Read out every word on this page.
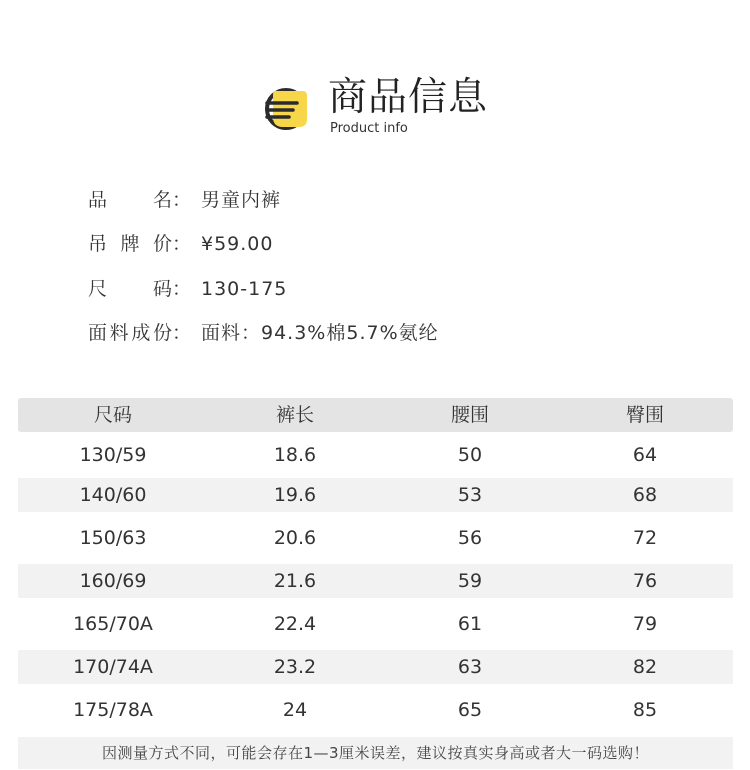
商品信息
Product info
品 名 ： 男童内裤
吊 牌 价 ： ¥59.00
尺 码 ： 130-175
面 料 成 份 ： 面料：94.3%棉5.7%氨纶
尺码	裤长	腰围	臀围
130/59	18.6	50	64
140/60	19.6	53	68
150/63	20.6	56	72
160/69	21.6	59	76
165/70A	22.4	61	79
170/74A	23.2	63	82
175/78A	24	65	85
因测量方式不同，可能会存在1—3厘米误差，建议按真实身高或者大一码选购！
